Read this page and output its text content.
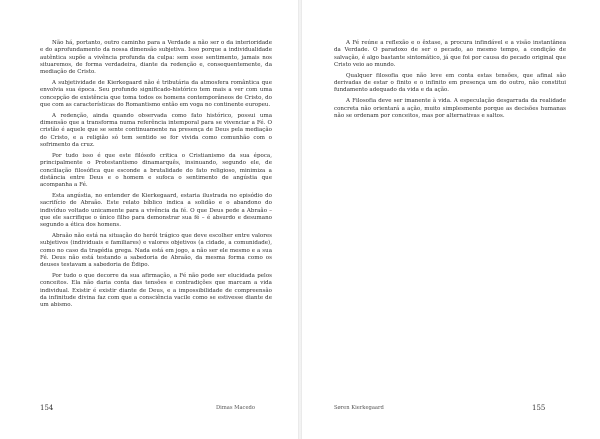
Não há, portanto, outro caminho para a Verdade a não ser o da interioridade e do aprofundamento da nossa dimensão subjetiva. Isso porque a individualidade autêntica supõe a vivência profunda da culpa: sem esse sentimento, jamais nos situaremos, de forma verdadeira, diante da redenção e, consequentemente, da mediação de Cristo.

A subjetividade de Kierkegaard não é tributária da atmosfera romântica que envolvia sua época. Seu profundo significado-histórico tem mais a ver com uma concepção de existência que toma todos os homens contemporâneos de Cristo, do que com as características do Romantismo então em voga no continente europeu.

A redenção, ainda quando observada como fato histórico, possui uma dimensão que a transforma numa referência intemporal para se vivenciar a Fé. O cristão é aquele que se sente continuamente na presença de Deus pela mediação do Cristo, e a religião só tem sentido se for vivida como comunhão com o sofrimento da cruz.

Por tudo isso é que este filósofo critica o Cristianismo da sua época, principalmente o Protestantismo dinamarquês, insinuando, segundo ele, de conciliação filosófica que esconde a brutalidade do fato religioso, minimiza a distância entre Deus e o homem e sufoca o sentimento de angústia que acompanha a Fé.

Esta angústia, no entender de Kierkegaard, estaria ilustrada no episódio do sacrifício de Abraão. Este relato bíblico indica a solidão e o abandono do indivíduo voltado unicamente para a vivência da fé. O que Deus pede a Abraão – que ele sacrifique o único filho para demonstrar sua fé – é absurdo e desumano segundo a ética dos homens.

Abraão não está na situação do herói trágico que deve escolher entre valores subjetivos (individuais e familiares) e valores objetivos (a cidade, a comunidade), como no caso da tragédia grega. Nada está em jogo, a não ser ele mesmo e a sua Fé. Deus não está testando a sabedoria de Abraão, da mesma forma como os deuses testavam a sabedoria de Édipo.

Por tudo o que decorre da sua afirmação, a Fé não pode ser elucidada pelos conceitos. Ela não daria conta das tensões e contradições que marcam a vida individual. Existir é existir diante de Deus, e a impossibilidade de compreensão da infinitude divina faz com que a consciência vacile como se estivesse diante de um abismo.

154	Dimas Macedo

A Fé reúne a reflexão e o êxtase, a procura infindável e a visão instantânea da Verdade. O paradoxo de ser o pecado, ao mesmo tempo, a condição de salvação, é algo bastante sintomático, já que foi por causa do pecado original que Cristo veio ao mundo.

Qualquer filosofia que não leve em conta estas tensões, que afinal são derivadas de estar o finito e o infinito em presença um do outro, não constitui fundamento adequado da vida e da ação.

A Filosofia deve ser imanente à vida. A especulação desgarrada da realidade concreta não orientará a ação, muito simplesmente porque as decisões humanas não se ordenam por conceitos, mas por alternativas e saltos.

Søren Kierkegaard	155
